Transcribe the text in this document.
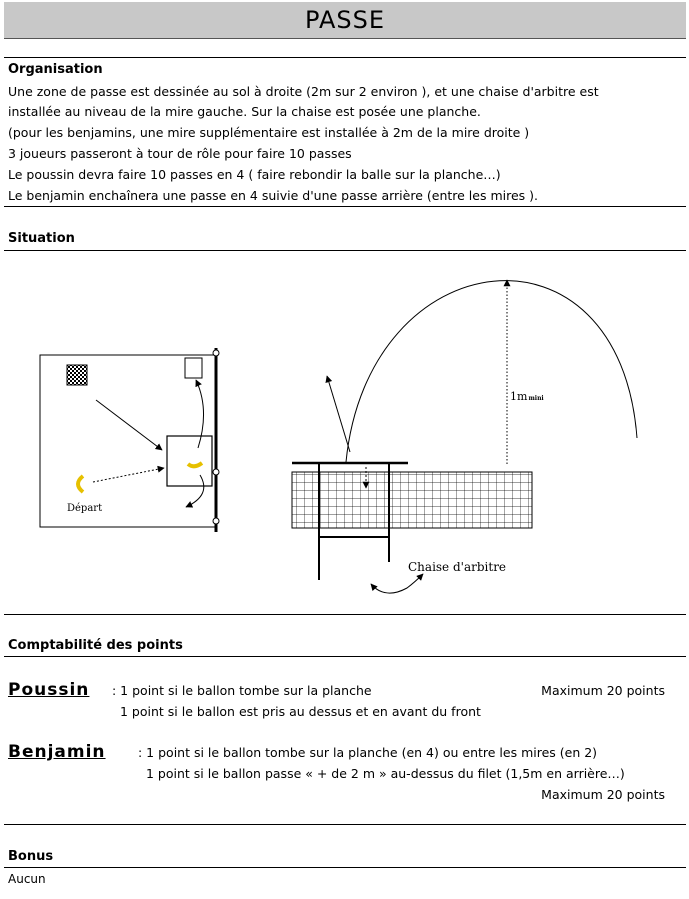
PASSE
Organisation
Une zone de passe est dessinée au sol à droite (2m sur 2 environ ), et une chaise d'arbitre est
installée au niveau de la mire gauche. Sur la chaise est posée une planche.
(pour les benjamins, une mire supplémentaire est installée à 2m de la mire droite )
3 joueurs passeront à tour de rôle pour faire 10 passes
Le poussin devra faire 10 passes en 4 ( faire rebondir la balle sur la planche…)
Le benjamin enchaînera une passe en 4 suivie d'une passe arrière (entre les mires ).
Situation
Départ
1mmini
Chaise d'arbitre
Comptabilité des points
Poussin : 1 point si le ballon tombe sur la planche	Maximum 20 points
1 point si le ballon est pris au dessus et en avant du front
Benjamin	: 1 point si le ballon tombe sur la planche (en 4) ou entre les mires (en 2)
1 point si le ballon passe « + de 2 m » au-dessus du filet (1,5m en arrière…)
Maximum 20 points
Bonus
Aucun
